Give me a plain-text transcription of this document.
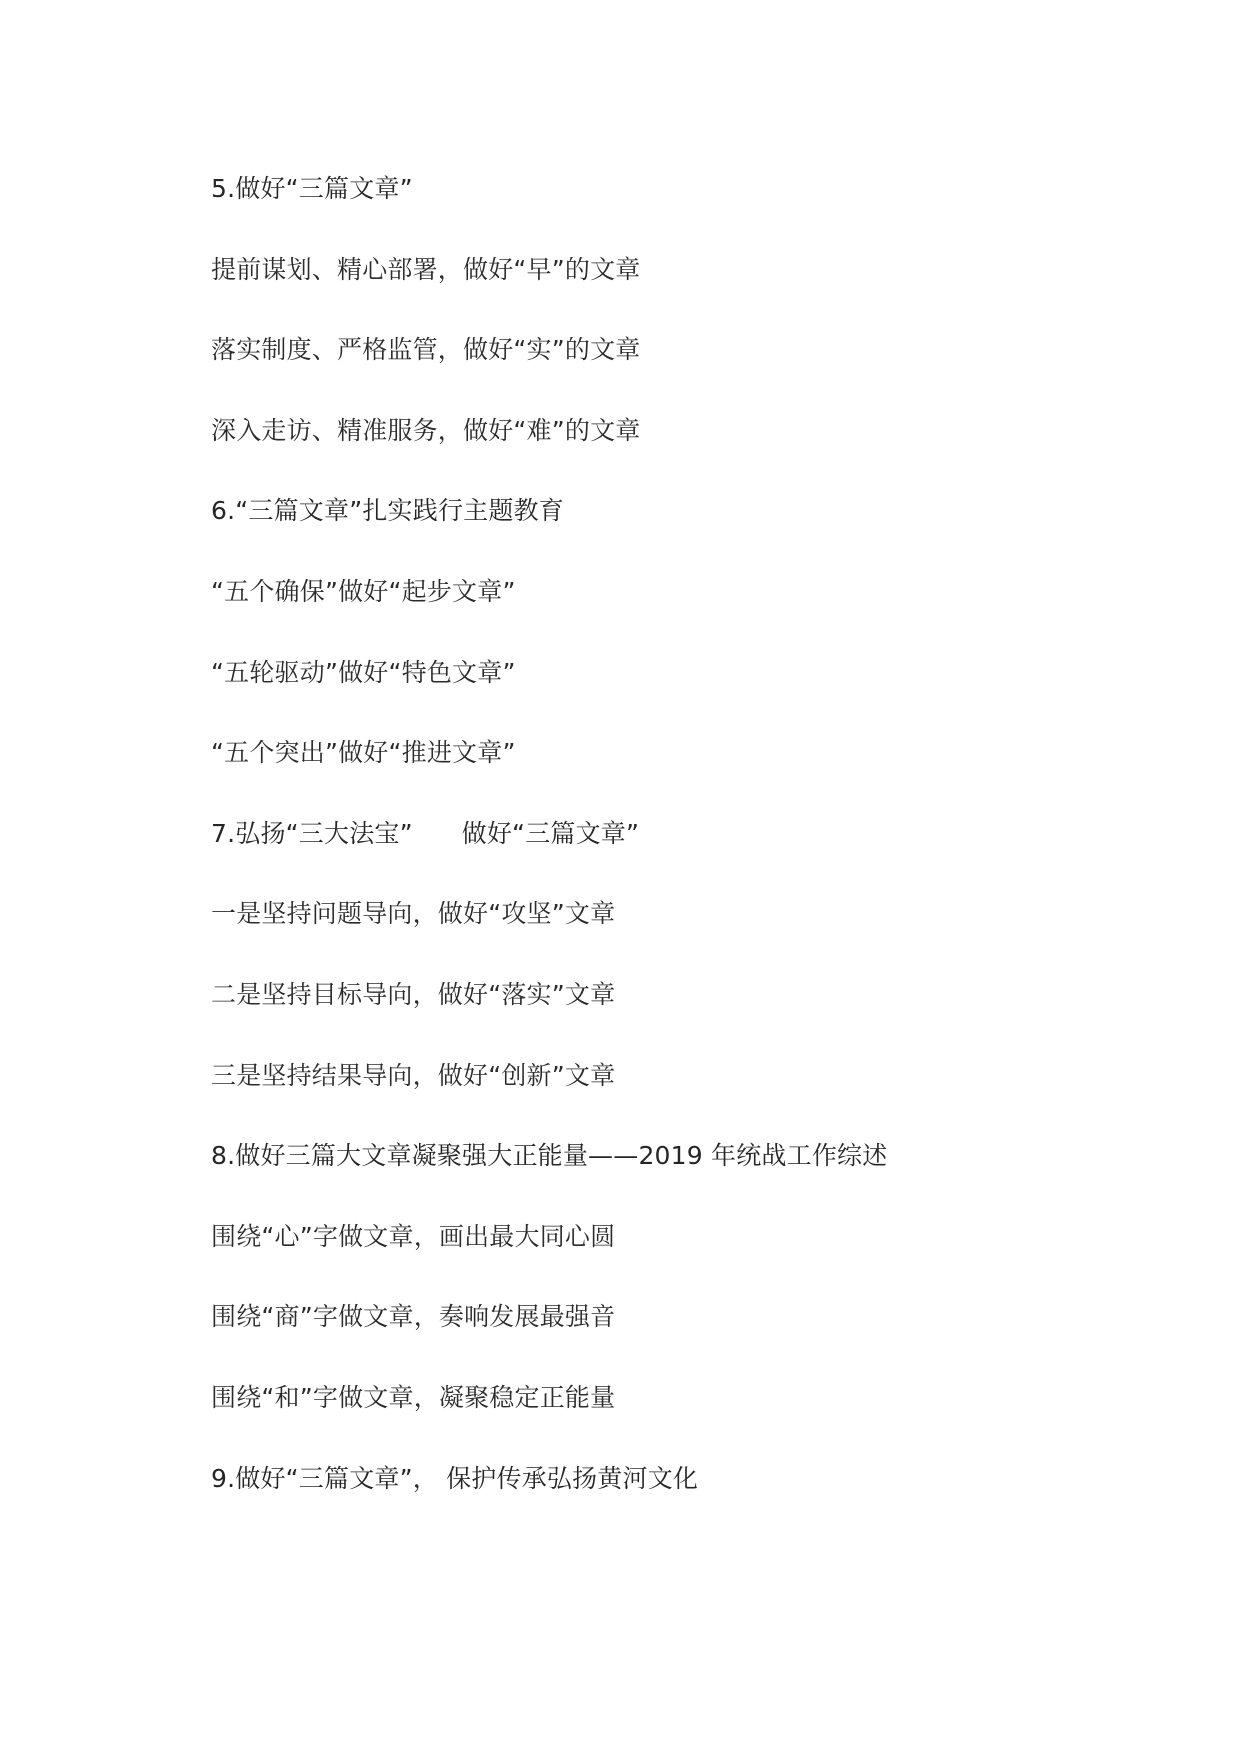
5.做好“三篇文章”
提前谋划、精心部署，做好“早”的文章
落实制度、严格监管，做好“实”的文章
深入走访、精准服务，做好“难”的文章
6.“三篇文章”扎实践行主题教育
“五个确保”做好“起步文章”
“五轮驱动”做好“特色文章”
“五个突出”做好“推进文章”
7.弘扬“三大法宝”      做好“三篇文章”
一是坚持问题导向，做好“攻坚”文章
二是坚持目标导向，做好“落实”文章
三是坚持结果导向，做好“创新”文章
8.做好三篇大文章凝聚强大正能量——2019 年统战工作综述
围绕“心”字做文章，画出最大同心圆
围绕“商”字做文章，奏响发展最强音
围绕“和”字做文章，凝聚稳定正能量
9.做好“三篇文章”， 保护传承弘扬黄河文化
